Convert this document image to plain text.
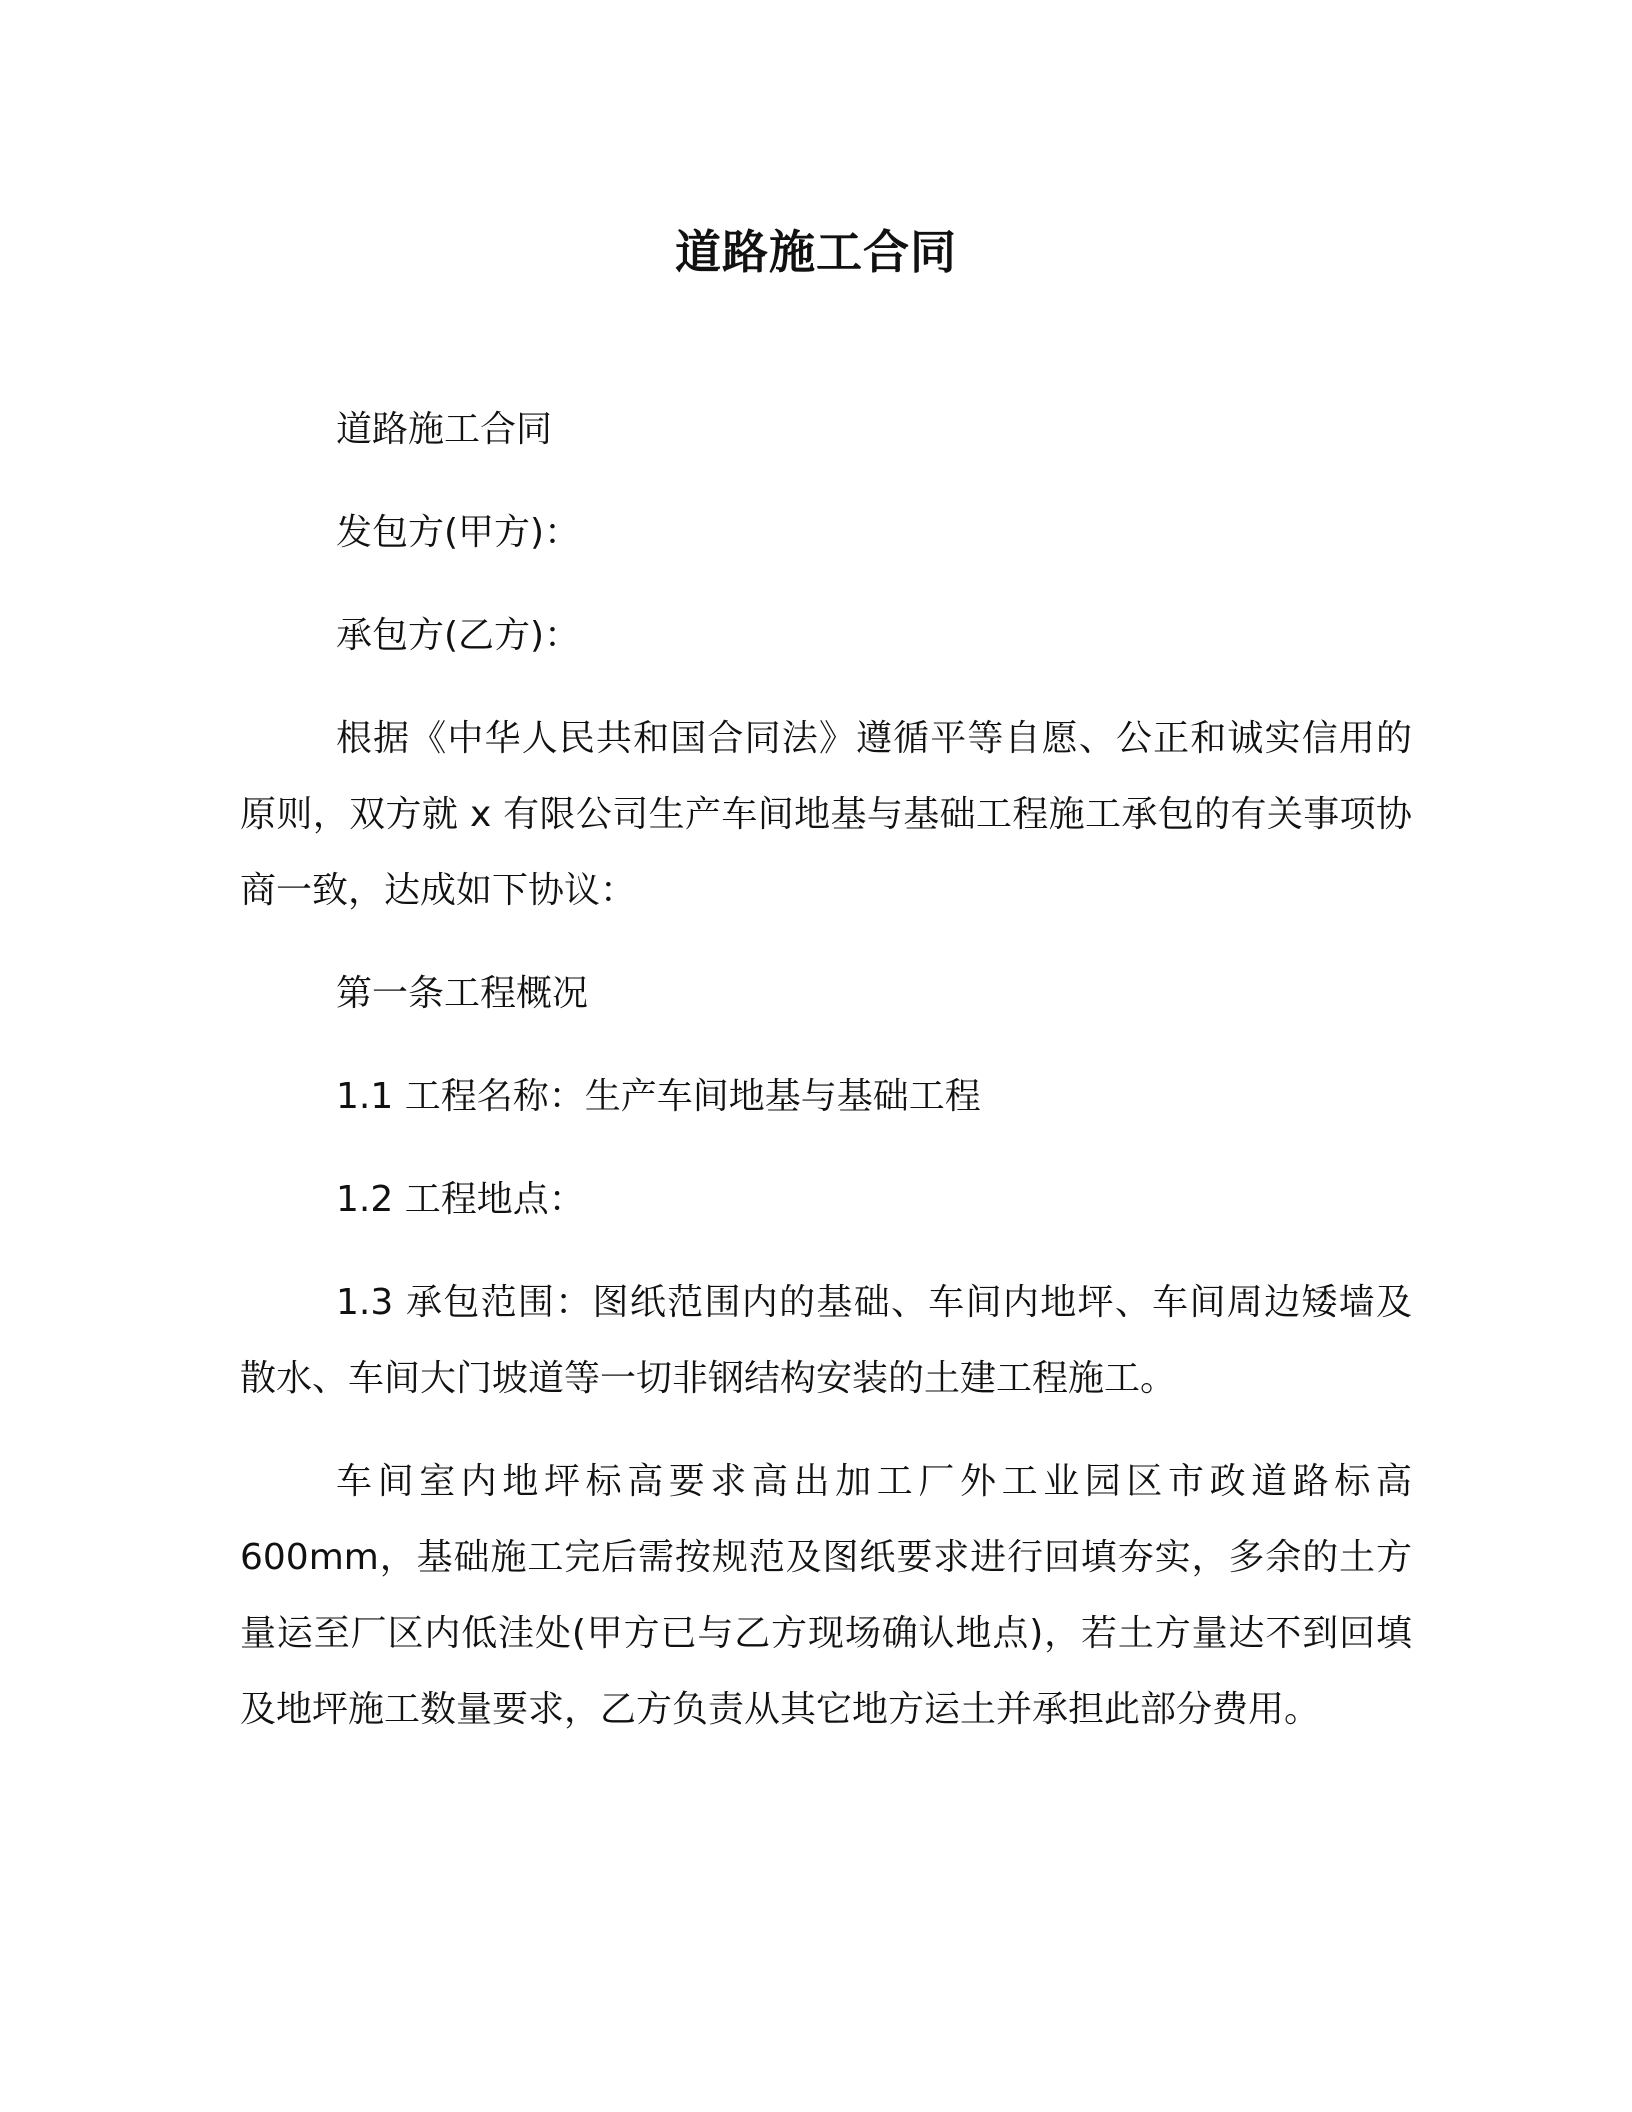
道路施工合同

道路施工合同

发包方(甲方)：

承包方(乙方)：

根据《中华人民共和国合同法》遵循平等自愿、公正和诚实信用的原则，双方就 x 有限公司生产车间地基与基础工程施工承包的有关事项协商一致，达成如下协议：

第一条工程概况

1.1 工程名称：生产车间地基与基础工程

1.2 工程地点：

1.3 承包范围：图纸范围内的基础、车间内地坪、车间周边矮墙及散水、车间大门坡道等一切非钢结构安装的土建工程施工。

车间室内地坪标高要求高出加工厂外工业园区市政道路标高600mm，基础施工完后需按规范及图纸要求进行回填夯实，多余的土方量运至厂区内低洼处(甲方已与乙方现场确认地点)，若土方量达不到回填及地坪施工数量要求，乙方负责从其它地方运土并承担此部分费用。
